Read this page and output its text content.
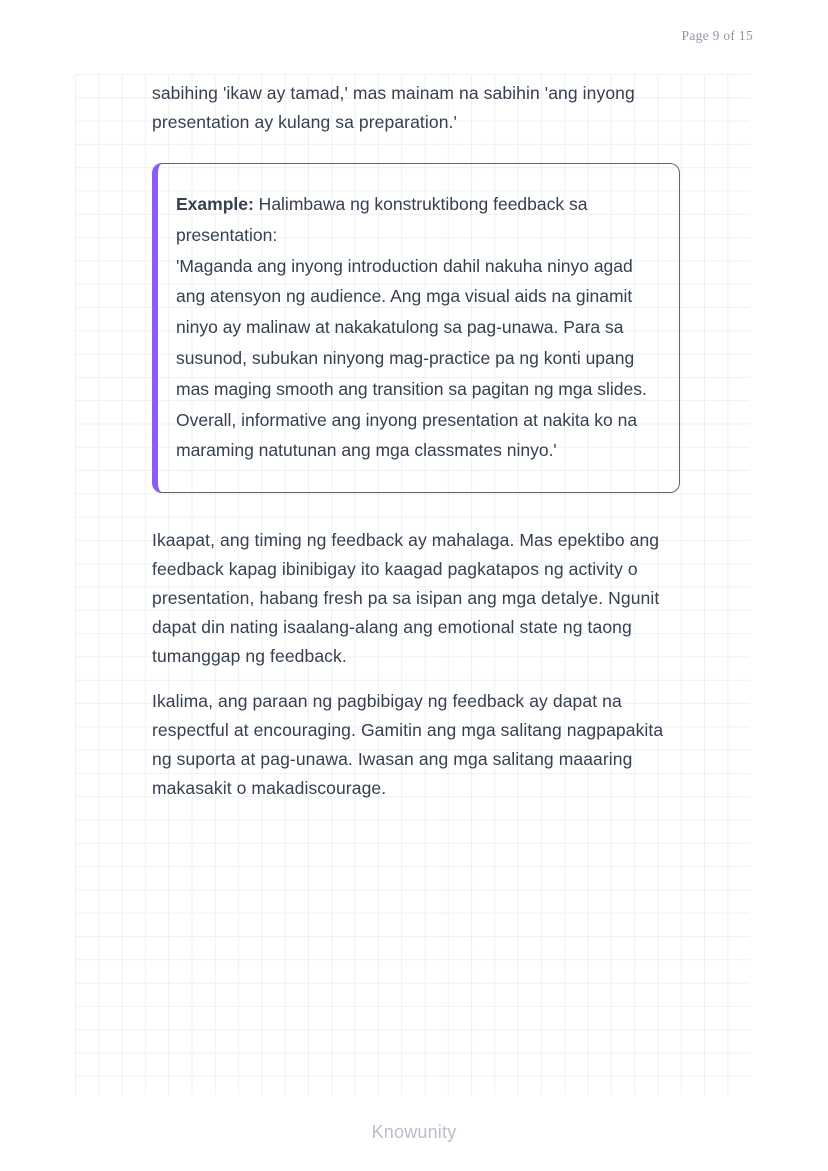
Page 9 of 15

sabihing 'ikaw ay tamad,' mas mainam na sabihin 'ang inyong presentation ay kulang sa preparation.'

Example: Halimbawa ng konstruktibong feedback sa presentation:
'Maganda ang inyong introduction dahil nakuha ninyo agad ang atensyon ng audience. Ang mga visual aids na ginamit ninyo ay malinaw at nakakatulong sa pag-unawa. Para sa susunod, subukan ninyong mag-practice pa ng konti upang mas maging smooth ang transition sa pagitan ng mga slides. Overall, informative ang inyong presentation at nakita ko na maraming natutunan ang mga classmates ninyo.'

Ikaapat, ang timing ng feedback ay mahalaga. Mas epektibo ang feedback kapag ibinibigay ito kaagad pagkatapos ng activity o presentation, habang fresh pa sa isipan ang mga detalye. Ngunit dapat din nating isaalang-alang ang emotional state ng taong tumanggap ng feedback.

Ikalima, ang paraan ng pagbibigay ng feedback ay dapat na respectful at encouraging. Gamitin ang mga salitang nagpapakita ng suporta at pag-unawa. Iwasan ang mga salitang maaaring makasakit o makadiscourage.

Knowunity
